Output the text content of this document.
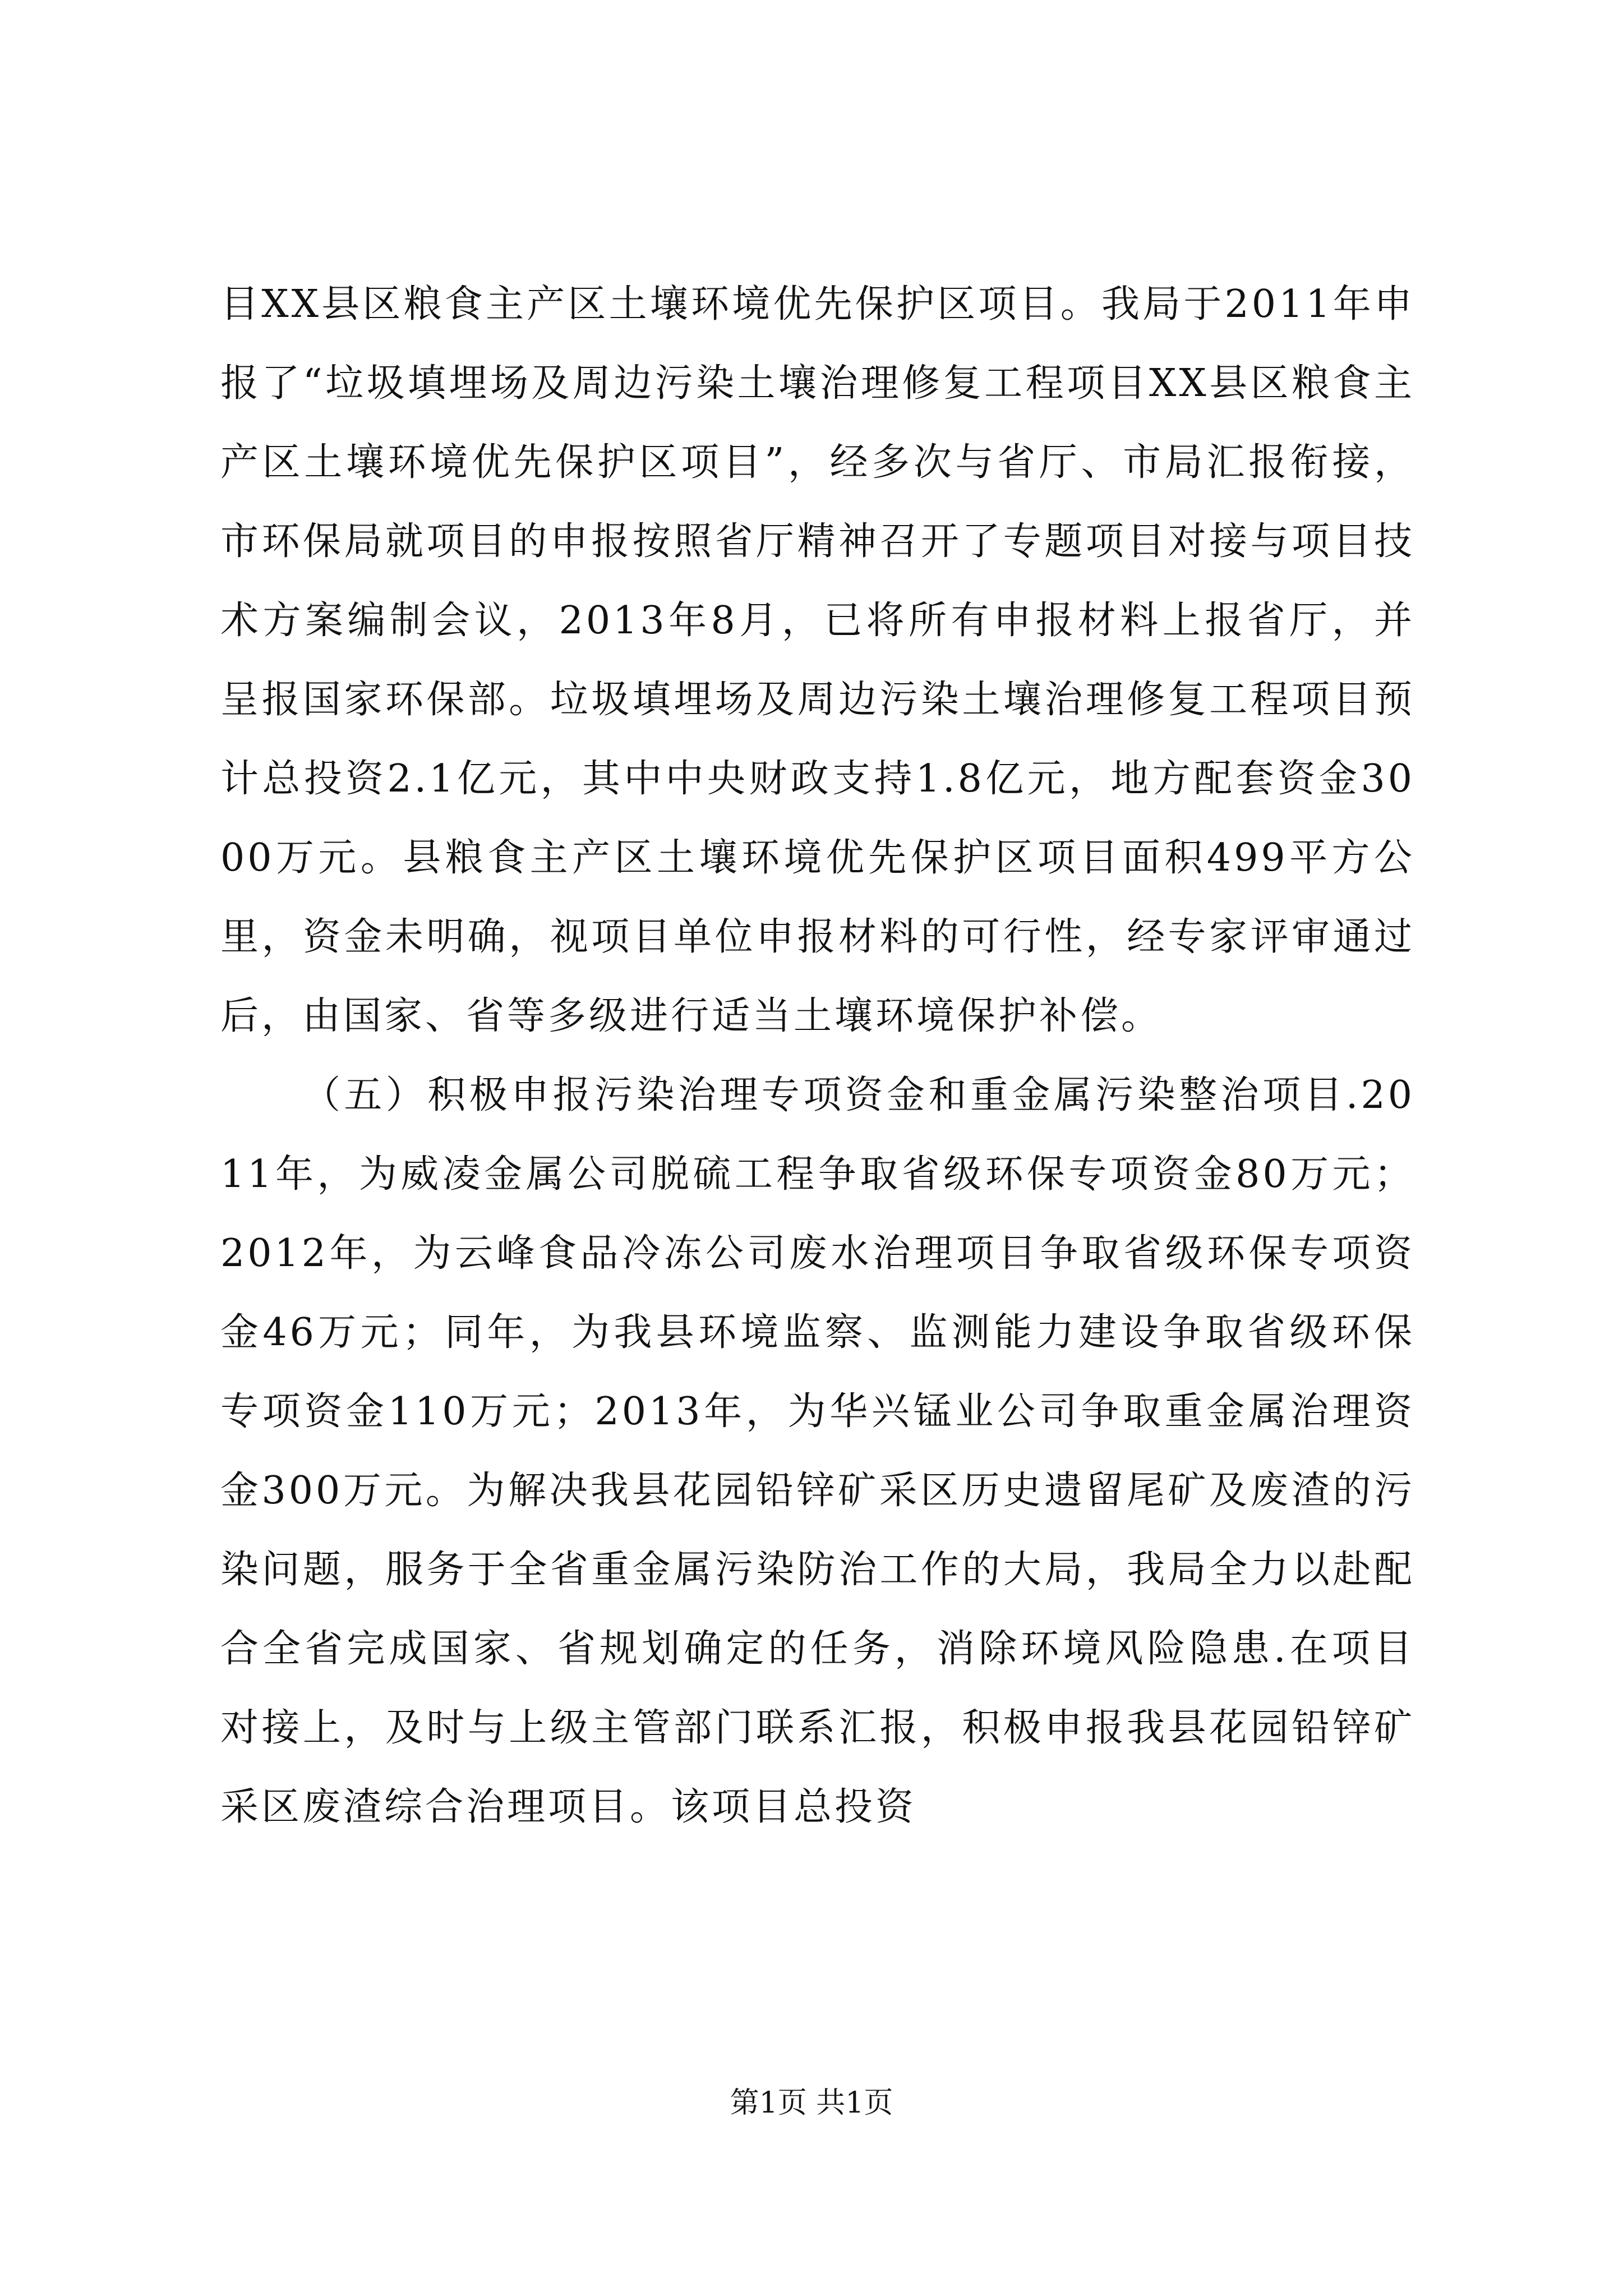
目XX县区粮食主产区土壤环境优先保护区项目。我局于2011年申报了“垃圾填埋场及周边污染土壤治理修复工程项目XX县区粮食主产区土壤环境优先保护区项目”，经多次与省厅、市局汇报衔接，市环保局就项目的申报按照省厅精神召开了专题项目对接与项目技术方案编制会议，2013年8月，已将所有申报材料上报省厅，并呈报国家环保部。垃圾填埋场及周边污染土壤治理修复工程项目预计总投资2.1亿元，其中中央财政支持1.8亿元，地方配套资金3000万元。县粮食主产区土壤环境优先保护区项目面积499平方公里，资金未明确，视项目单位申报材料的可行性，经专家评审通过后，由国家、省等多级进行适当土壤环境保护补偿。

（五）积极申报污染治理专项资金和重金属污染整治项目.2011年，为威凌金属公司脱硫工程争取省级环保专项资金80万元；2012年，为云峰食品冷冻公司废水治理项目争取省级环保专项资金46万元；同年，为我县环境监察、监测能力建设争取省级环保专项资金110万元；2013年，为华兴锰业公司争取重金属治理资金300万元。为解决我县花园铅锌矿采区历史遗留尾矿及废渣的污染问题，服务于全省重金属污染防治工作的大局，我局全力以赴配合全省完成国家、省规划确定的任务，消除环境风险隐患.在项目对接上，及时与上级主管部门联系汇报，积极申报我县花园铅锌矿采区废渣综合治理项目。该项目总投资

第1页 共1页
